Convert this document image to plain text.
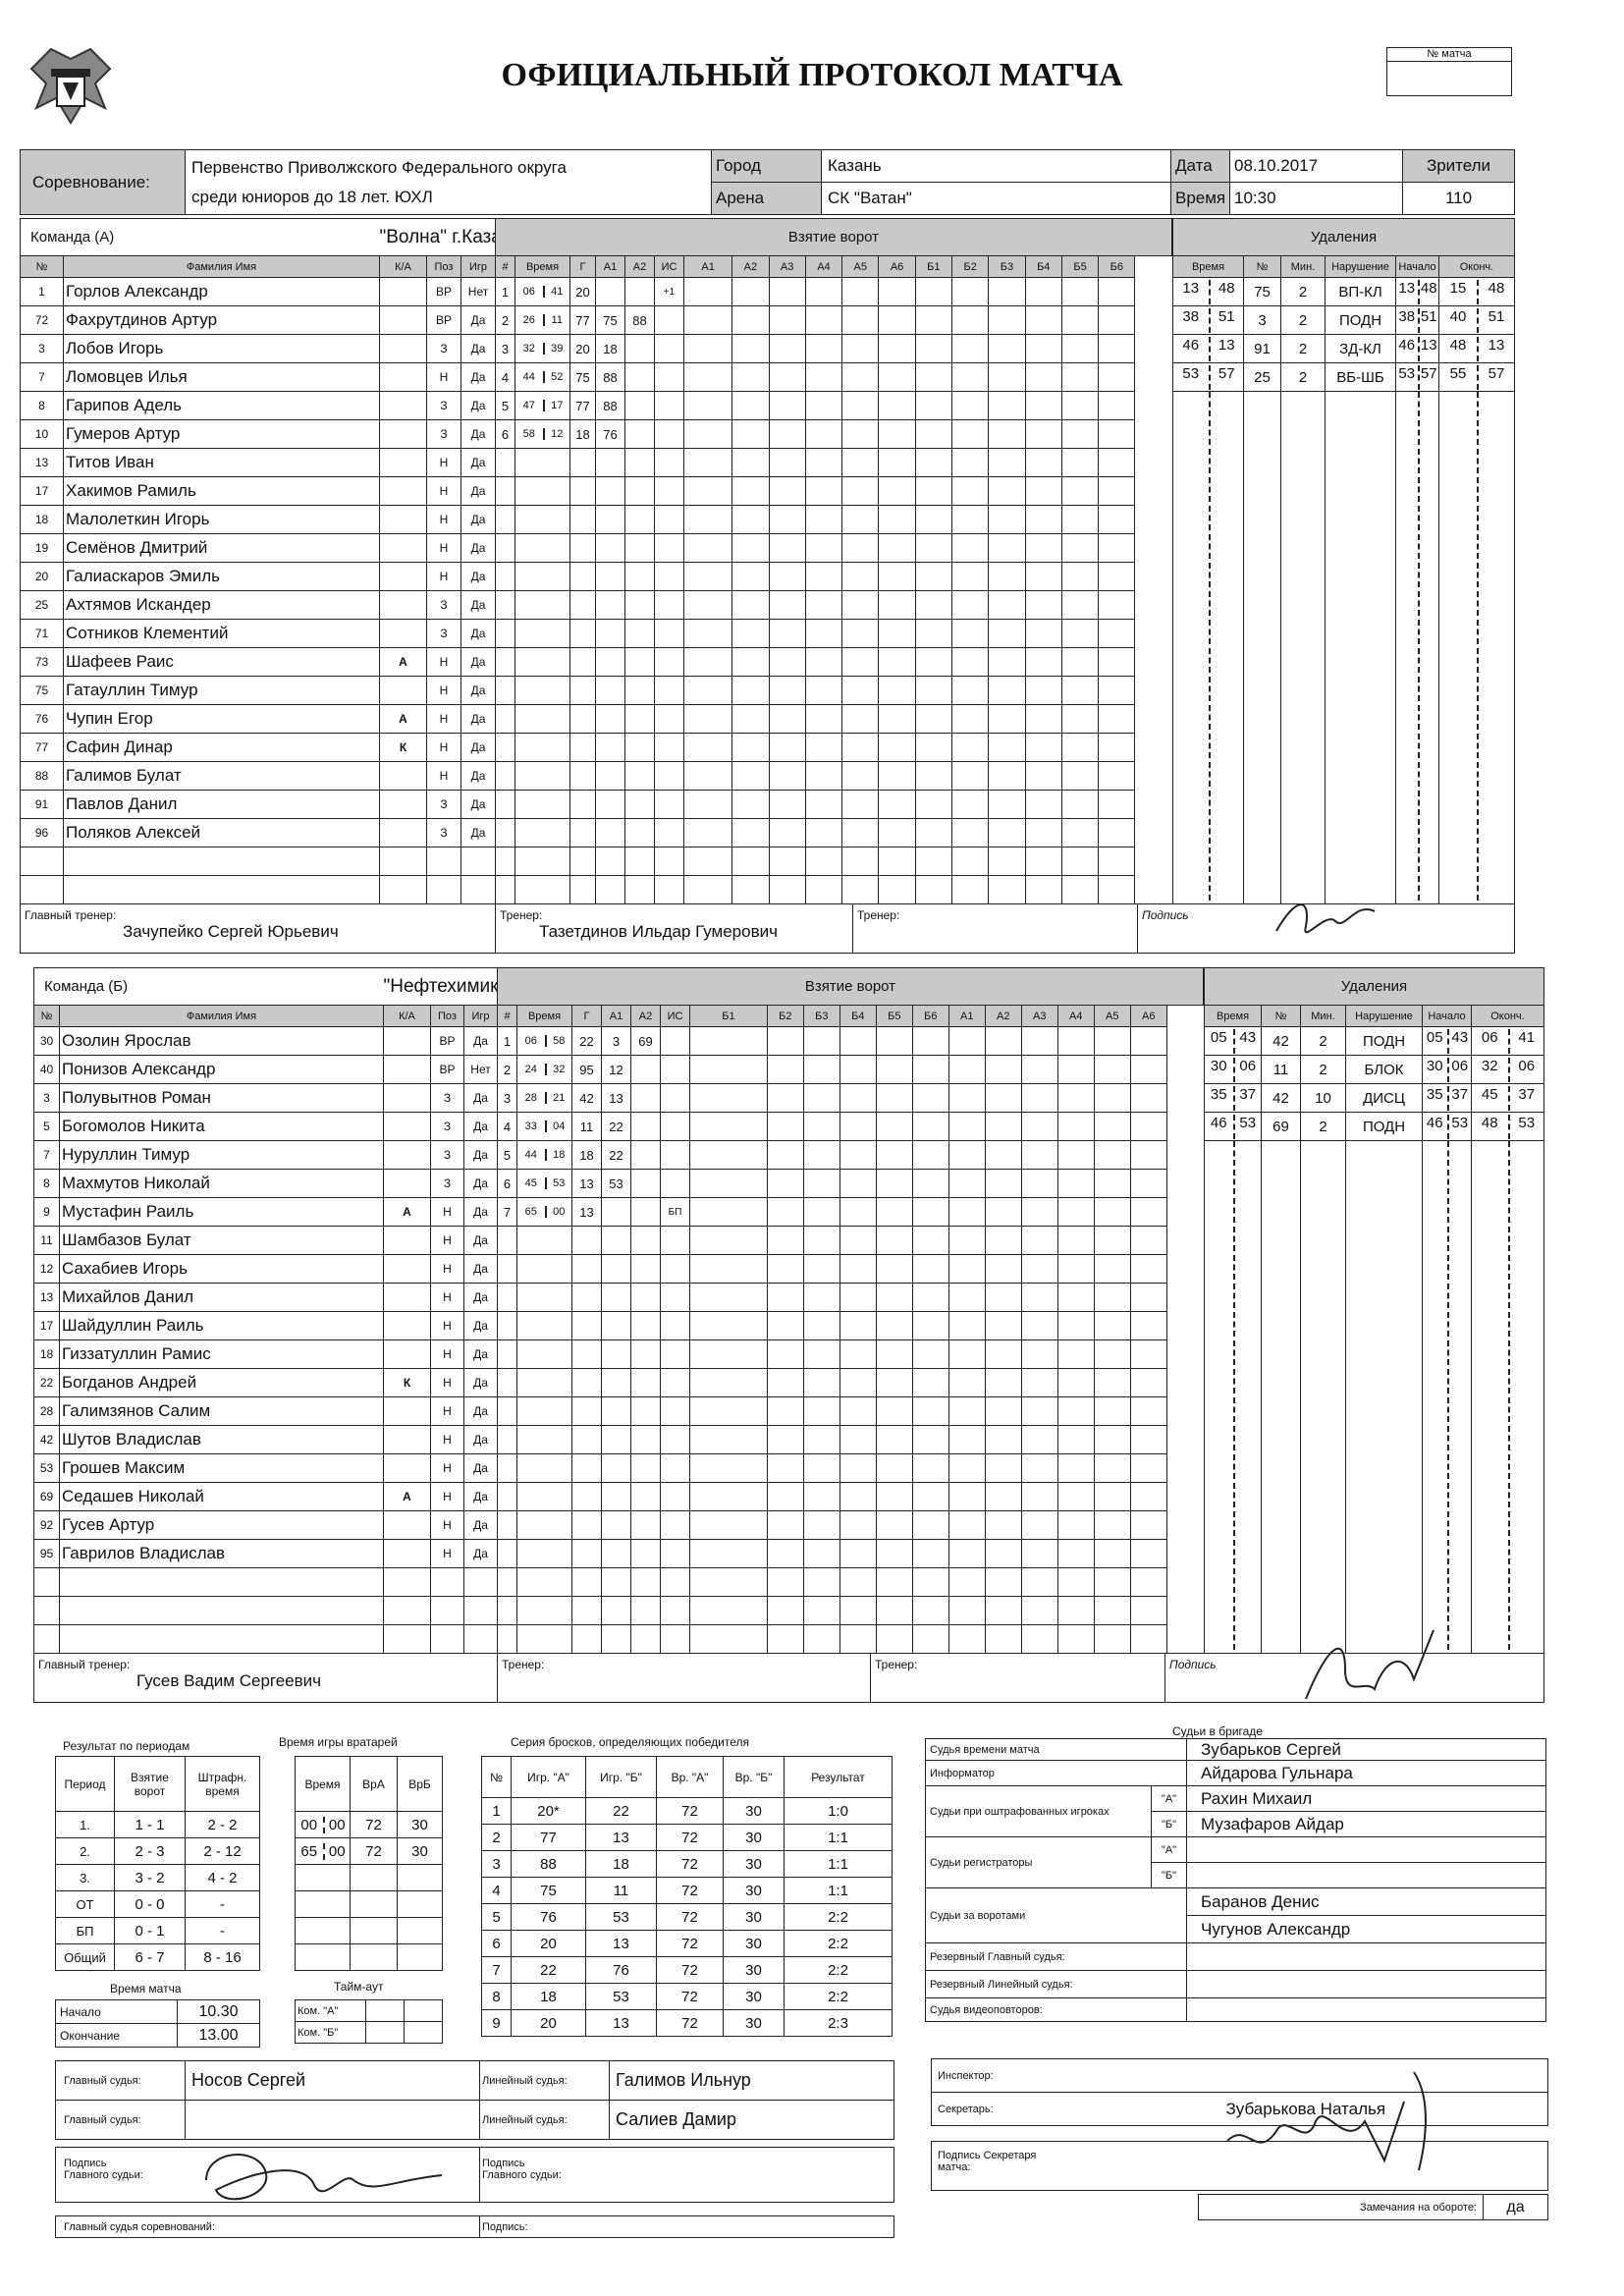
ОФИЦИАЛЬНЫЙ ПРОТОКОЛ МАТЧА
№ матча
Соревнование:	Первенство Приволжского Федерального округа
среди юниоров до 18 лет. ЮХЛ	Город	Казань	Дата	08.10.2017	Зрители
		Арена	СК "Ватан"	Время	10:30	110
Команда (А)		"Волна" г.Казань		
№	Фамилия Имя	К/А	Поз	Игр
1	Горлов Александр		ВР	Нет
72	Фахрутдинов Артур		ВР	Да
3	Лобов Игорь		З	Да
7	Ломовцев Илья		Н	Да
8	Гарипов Адель		З	Да
10	Гумеров Артур		З	Да
13	Титов Иван		Н	Да
17	Хакимов Рамиль		Н	Да
18	Малолеткин Игорь		Н	Да
19	Семёнов Дмитрий		Н	Да
20	Галиаскаров Эмиль		Н	Да
25	Ахтямов Искандер		З	Да
71	Сотников Клементий		З	Да
73	Шафеев Раис	А	Н	Да
75	Гатауллин Тимур		Н	Да
76	Чупин Егор	А	Н	Да
77	Сафин Динар	К	Н	Да
88	Галимов Булат		Н	Да
91	Павлов Данил		З	Да
96	Поляков Алексей		З	Да

Взятие ворот																	
#	Время	Г	А1	А2	ИС	А1	А2	А3	А4	А5	А6	Б1	Б2	Б3	Б4	Б5	Б6
1	06 41	20			+1												
2	26 11	77	75	88													
3	32 39	20	18														
4	44 52	75	88														
5	47 17	77	88														
6	58 12	18	76														

Удаления					
Время	№	Мин.	Нарушение	Начало	Оконч.
13 48	75	2	ВП-КЛ	13 48	15 48
38 51	3	2	ПОДН	38 51	40 51
46 13	91	2	ЗД-КЛ	46 13	48 13
53 57	25	2	ВБ-ШБ	53 57	55 57

Главный тренер:
Зачупейко Сергей Юрьевич

Тренер:
Тазетдинов Ильдар Гумерович

Тренер:	Подпись
Команда (Б)		"Нефтехимик" г.Нижнекамск		
№	Фамилия Имя	К/А	Поз	Игр
30	Озолин Ярослав		ВР	Да
40	Понизов Александр		ВР	Нет
3	Полувытнов Роман		З	Да
5	Богомолов Никита		З	Да
7	Нуруллин Тимур		З	Да
8	Махмутов Николай		З	Да
9	Мустафин Раиль	А	Н	Да
11	Шамбазов Булат		Н	Да
12	Сахабиев Игорь		Н	Да
13	Михайлов Данил		Н	Да
17	Шайдуллин Раиль		Н	Да
18	Гиззатуллин Рамис		Н	Да
22	Богданов Андрей	К	Н	Да
28	Галимзянов Салим		Н	Да
42	Шутов Владислав		Н	Да
53	Грошев Максим		Н	Да
69	Седашев Николай	А	Н	Да
92	Гусев Артур		Н	Да
95	Гаврилов Владислав		Н	Да

Взятие ворот																	
#	Время	Г	А1	А2	ИС	Б1	Б2	Б3	Б4	Б5	Б6	А1	А2	А3	А4	А5	А6
1	06 58	22	3	69													
2	24 32	95	12														
3	28 21	42	13														
4	33 04	11	22														
5	44 18	18	22														
6	45 53	13	53														
7	65 00	13			БП												

Удаления					
Время	№	Мин.	Нарушение	Начало	Оконч.
05 43	42	2	ПОДН	05 43	06 41
30 06	11	2	БЛОК	30 06	32 06
35 37	42	10	ДИСЦ	35 37	45 37
46 53	69	2	ПОДН	46 53	48 53

Главный тренер:
Гусев Вадим Сергеевич

Тренер:	Тренер:	Подпись
Результат по периодам
Период	Взятие ворот	Штрафн. время
1.	1 - 1	2 - 2
2.	2 - 3	2 - 12
3.	3 - 2	4 - 2
ОТ	0 - 0	-
БП	0 - 1	-
Общий	6 - 7	8 - 16
Время игры вратарей
Время	ВрА	ВрБ
00 00	72	30
65 00	72	30

Время матча
Начало	10.30
Окончание	13.00
Тайм-аут
Ком. "А"		
Ком. "Б"		
Серия бросков, определяющих победителя
№	Игр. "А"	Игр. "Б"	Вр. "А"	Вр. "Б"	Результат
1	20*	22	72	30	1:0
2	77	13	72	30	1:1
3	88	18	72	30	1:1
4	75	11	72	30	1:1
5	76	53	72	30	2:2
6	20	13	72	30	2:2
7	22	76	72	30	2:2
8	18	53	72	30	2:2
9	20	13	72	30	2:3
Судьи в бригаде
Судья времени матча		Зубарьков Сергей
Информатор		Айдарова Гульнара
Судьи при оштрафованных игроках	"А"	Рахин Михаил
	"Б"	Музафаров Айдар
Судьи регистраторы	"А"	
	"Б"	
Судьи за воротами		Баранов Денис
		Чугунов Александр
Резервный Главный судья:		
Резервный Линейный судья:		
Судья видеоповторов:		
Главный судья:	Носов Сергей	Линейный судья:	Галимов Ильнур
Главный судья:		Линейный судья:	Салиев Дамир
Подпись Главного судьи:

Подпись Главного судьи:
Главный судья соревнований:	Подпись:
Инспектор:	
Секретарь:	Зубарькова Наталья
Подпись Секретаря матча:
Замечания на обороте:	да
